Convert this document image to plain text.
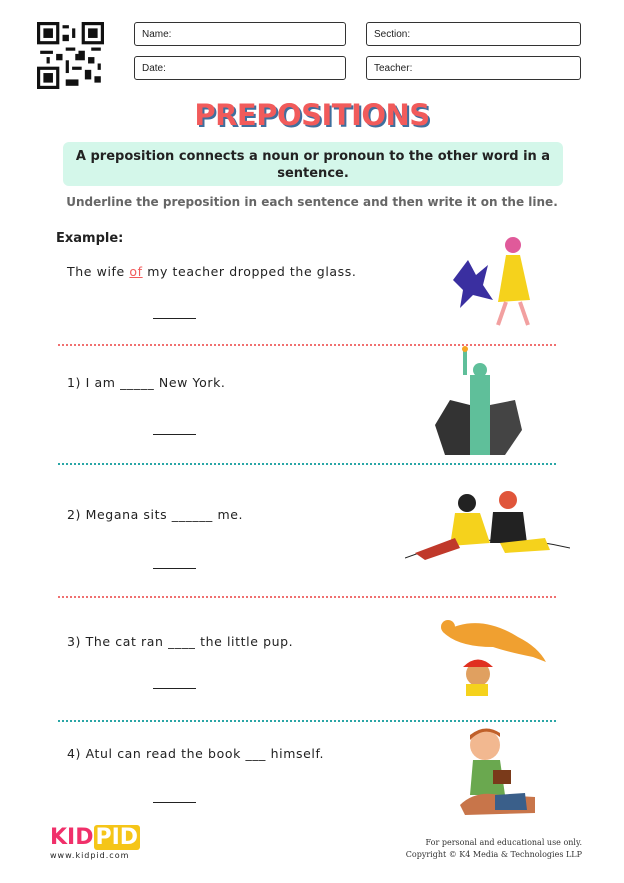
Name:
Date:
Section:
Teacher:
PREPOSITIONS
A preposition connects a noun or pronoun to the other word in a sentence.
Underline the preposition in each sentence and then write it on the line.
Example:
The wife of my teacher dropped the glass.
1) I am _____ New York.
2) Megana sits ______ me.
3) The cat ran ____ the little pup.
4) Atul can read the book ___ himself.
KIDPID
www.kidpid.com
For personal and educational use only.
Copyright © K4 Media & Technologies LLP
